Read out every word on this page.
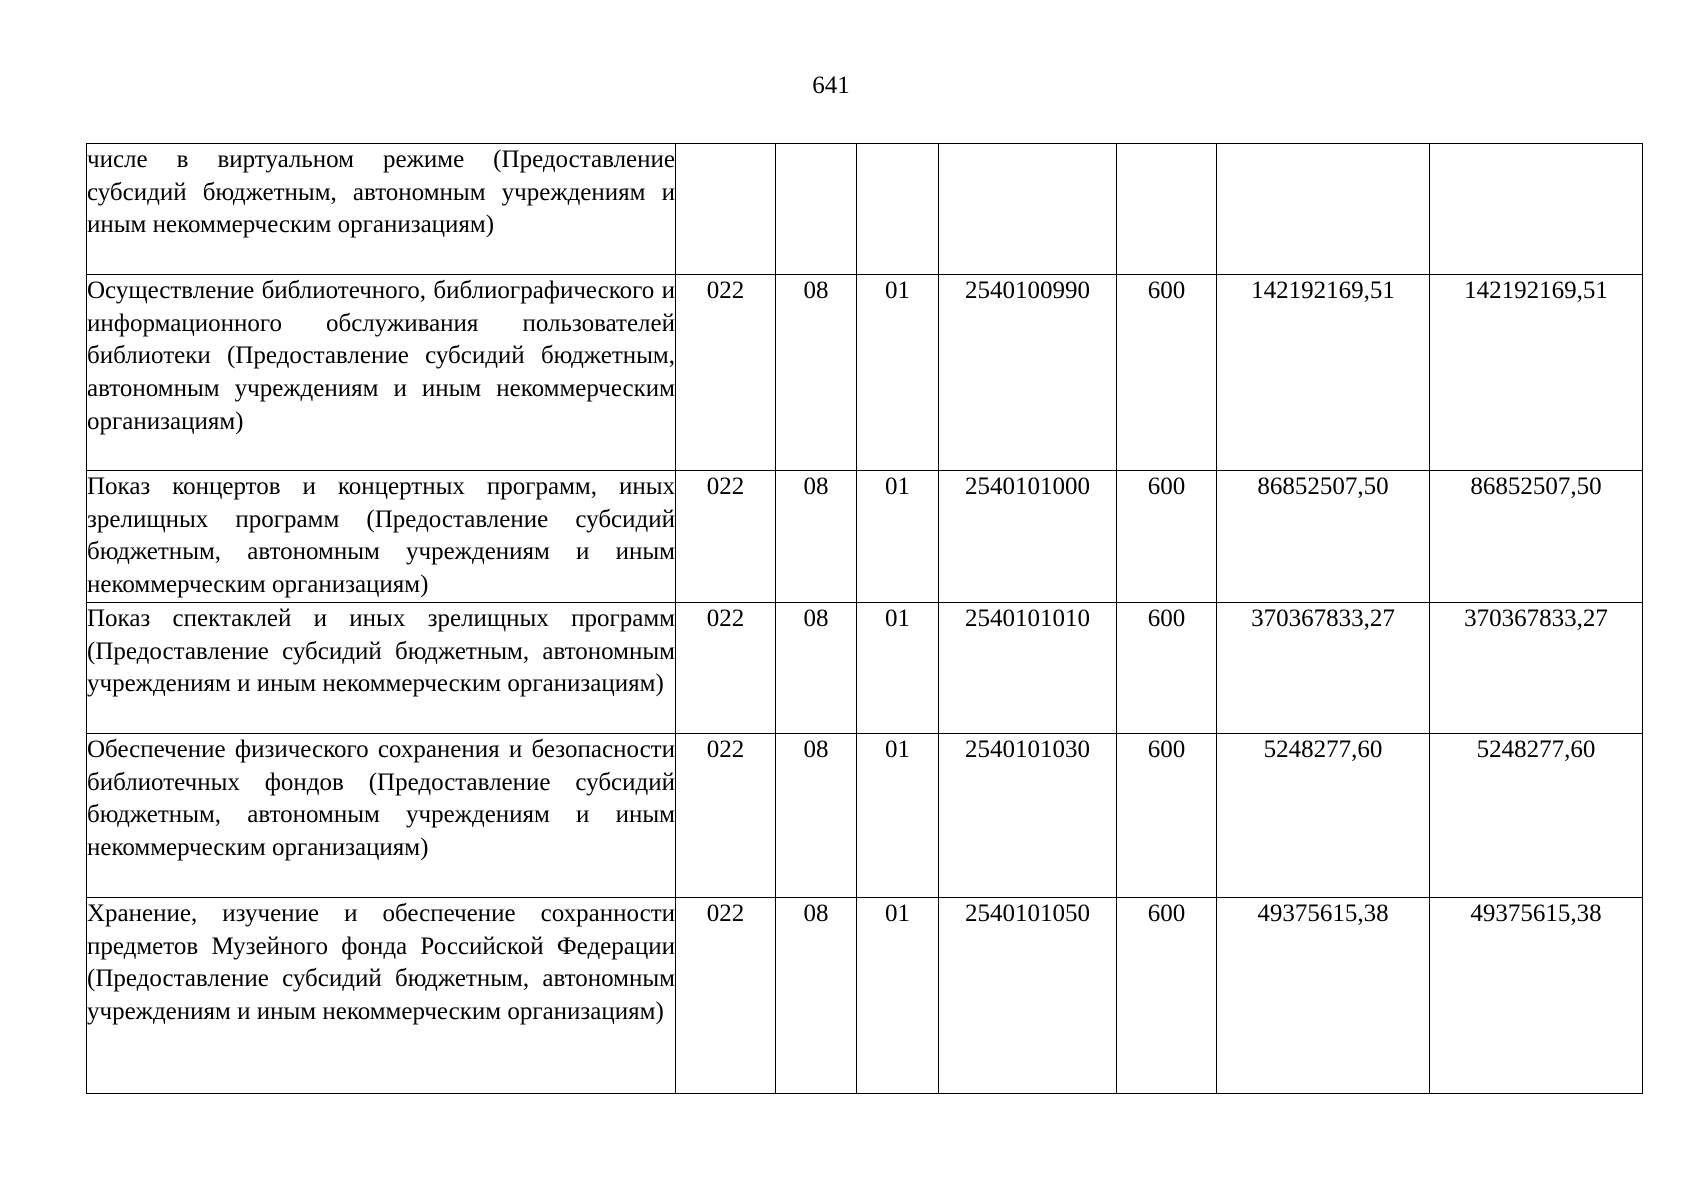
641
числе в виртуальном режиме (Предоставление субсидий бюджетным, автономным учреждениям и иным некоммерческим организациям)							
Осуществление библиотечного, библиографического и информационного обслуживания пользователей библиотеки (Предоставление субсидий бюджетным, автономным учреждениям и иным некоммерческим организациям)	022	08	01	2540100990	600	142192169,51	142192169,51
Показ концертов и концертных программ, иных зрелищных программ (Предоставление субсидий бюджетным, автономным учреждениям и иным некоммерческим организациям)	022	08	01	2540101000	600	86852507,50	86852507,50
Показ спектаклей и иных зрелищных программ (Предоставление субсидий бюджетным, автономным учреждениям и иным некоммерческим организациям)	022	08	01	2540101010	600	370367833,27	370367833,27
Обеспечение физического сохранения и безопасности библиотечных фондов (Предоставление субсидий бюджетным, автономным учреждениям и иным некоммерческим организациям)	022	08	01	2540101030	600	5248277,60	5248277,60
Хранение, изучение и обеспечение сохранности предметов Музейного фонда Российской Федерации (Предоставление субсидий бюджетным, автономным учреждениям и иным некоммерческим организациям)	022	08	01	2540101050	600	49375615,38	49375615,38
